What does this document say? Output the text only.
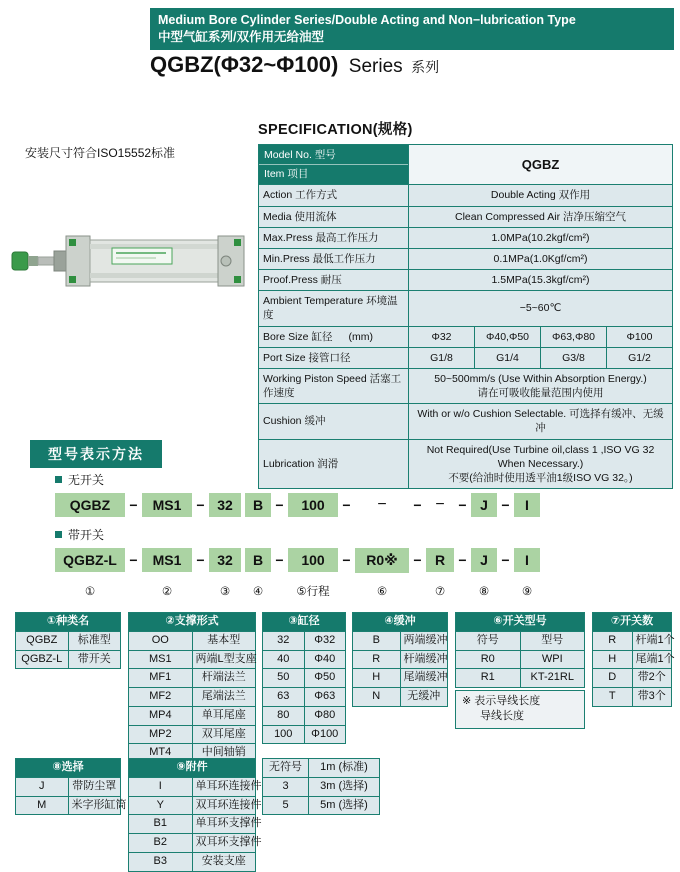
Medium Bore Cylinder Series/Double Acting and Non−lubrication Type
中型气缸系列/双作用无给油型
QGBZ(Φ32~Φ100) Series 系列
安装尺寸符合ISO15552标准
SPECIFICATION(规格)
Model No. 型号
Item 项目	QGBZ			
Action 工作方式	Double Acting 双作用			
Media 使用流体	Clean Compressed Air 洁净压缩空气			
Max.Press 最高工作压力	1.0MPa(10.2kgf/cm²)			
Min.Press 最低工作压力	0.1MPa(1.0Kgf/cm²)			
Proof.Press 耐压	1.5MPa(15.3kgf/cm²)			
Ambient Temperature 环境温度	−5~60℃			
Bore Size 缸径 (mm)	Φ32	Φ40,Φ50	Φ63,Φ80	Φ100
Port Size 接管口径	G1/8	G1/4	G3/8	G1/2
Working Piston Speed 活塞工作速度	50~500mm/s (Use Within Absorption Energy.)
请在可吸收能量范围内使用			

Cushion 缓冲	With or w/o Cushion Selectable. 可选择有缓冲、无缓冲			
Lubrication 润滑	Not Required(Use Turbine oil,class 1 ,ISO VG 32 When Necessary.)
不要(给油时使用透平油1级ISO VG 32。)			
型号表示方法
无开关
QGBZ	−	MS1	− 32	B −	100	−	−	− − − J −	I
带开关
QGBZ-L −	MS1	− 32	B −	100	−	R0※	− R − J −	I
①	②	③	④	⑤行程	⑥	⑦	⑧	⑨
①种类名	
QGBZ	标准型
QGBZ-L	带开关
②支撑形式	
OO	基本型
MS1	两端L型支座
MF1	杆端法兰
MF2	尾端法兰
MP4	单耳尾座
MP2	双耳尾座
MT4	中间轴销
③缸径	
32	Φ32
40	Φ40
50	Φ50
63	Φ63
80	Φ80
100	Φ100
④缓冲	
B	两端缓冲
R	杆端缓冲
H	尾端缓冲
N	无缓冲
⑥开关型号	
符号	型号
R0	WPI
R1	KT-21RL
⑦开关数	
R	杆端1个
H	尾端1个
D	带2个
T	带3个
※ 表示导线长度
导线长度
⑧选择	
J	带防尘罩
M	米字形缸筒
⑨附件	
I	单耳环连接件
Y	双耳环连接件
B1	单耳环支撑件
B2	双耳环支撑件
B3	安装支座
无符号	1m (标准)
3	3m (选择)
5	5m (选择)
